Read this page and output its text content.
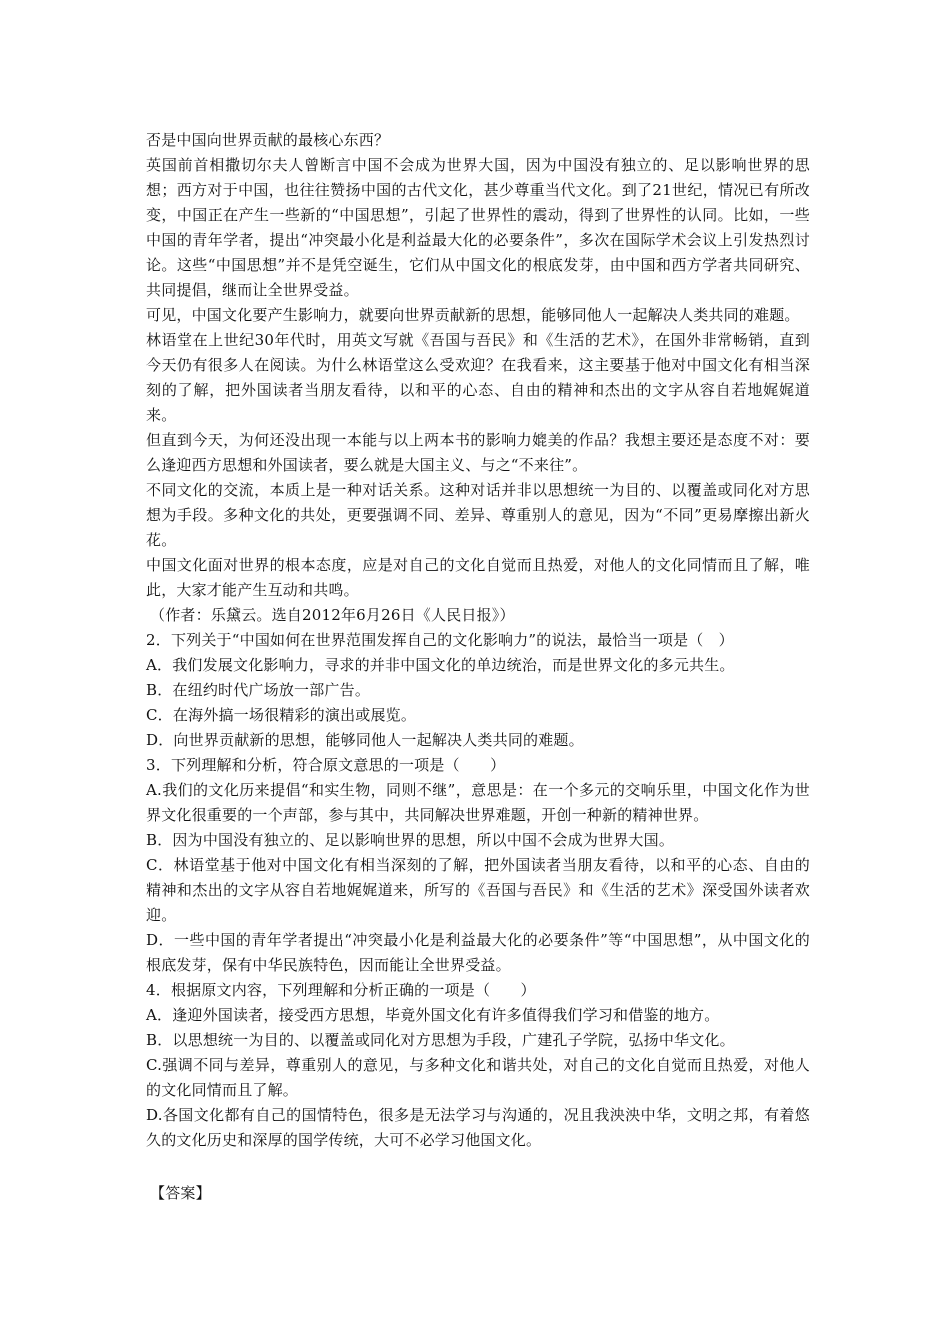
否是中国向世界贡献的最核心东西？

英国前首相撒切尔夫人曾断言中国不会成为世界大国，因为中国没有独立的、足以影响世界的思想；西方对于中国，也往往赞扬中国的古代文化，甚少尊重当代文化。到了21世纪，情况已有所改变，中国正在产生一些新的“中国思想”，引起了世界性的震动，得到了世界性的认同。比如，一些中国的青年学者，提出“冲突最小化是利益最大化的必要条件”，多次在国际学术会议上引发热烈讨论。这些“中国思想”并不是凭空诞生，它们从中国文化的根底发芽，由中国和西方学者共同研究、共同提倡，继而让全世界受益。

可见，中国文化要产生影响力，就要向世界贡献新的思想，能够同他人一起解决人类共同的难题。

林语堂在上世纪30年代时，用英文写就《吾国与吾民》和《生活的艺术》，在国外非常畅销，直到今天仍有很多人在阅读。为什么林语堂这么受欢迎？在我看来，这主要基于他对中国文化有相当深刻的了解，把外国读者当朋友看待，以和平的心态、自由的精神和杰出的文字从容自若地娓娓道来。

但直到今天，为何还没出现一本能与以上两本书的影响力媲美的作品？我想主要还是态度不对：要么逢迎西方思想和外国读者，要么就是大国主义、与之“不来往”。

不同文化的交流，本质上是一种对话关系。这种对话并非以思想统一为目的、以覆盖或同化对方思想为手段。多种文化的共处，更要强调不同、差异、尊重别人的意见，因为“不同”更易摩擦出新火花。

中国文化面对世界的根本态度，应是对自己的文化自觉而且热爱，对他人的文化同情而且了解，唯此，大家才能产生互动和共鸣。

（作者：乐黛云。选自2012年6月26日《人民日报》）

2．下列关于“中国如何在世界范围发挥自己的文化影响力”的说法，最恰当一项是（　）

A．我们发展文化影响力，寻求的并非中国文化的单边统治，而是世界文化的多元共生。

B．在纽约时代广场放一部广告。

C．在海外搞一场很精彩的演出或展览。

D．向世界贡献新的思想，能够同他人一起解决人类共同的难题。

3．下列理解和分析，符合原文意思的一项是（　　）

A.我们的文化历来提倡“和实生物，同则不继”，意思是：在一个多元的交响乐里，中国文化作为世界文化很重要的一个声部，参与其中，共同解决世界难题，开创一种新的精神世界。

B．因为中国没有独立的、足以影响世界的思想，所以中国不会成为世界大国。

C．林语堂基于他对中国文化有相当深刻的了解，把外国读者当朋友看待，以和平的心态、自由的精神和杰出的文字从容自若地娓娓道来，所写的《吾国与吾民》和《生活的艺术》深受国外读者欢迎。

D．一些中国的青年学者提出“冲突最小化是利益最大化的必要条件”等“中国思想”，从中国文化的根底发芽，保有中华民族特色，因而能让全世界受益。

4．根据原文内容，下列理解和分析正确的一项是（　　）

A．逢迎外国读者，接受西方思想，毕竟外国文化有许多值得我们学习和借鉴的地方。

B．以思想统一为目的、以覆盖或同化对方思想为手段，广建孔子学院，弘扬中华文化。

C.强调不同与差异，尊重别人的意见，与多种文化和谐共处，对自己的文化自觉而且热爱，对他人的文化同情而且了解。

D.各国文化都有自己的国情特色，很多是无法学习与沟通的，况且我泱泱中华，文明之邦，有着悠久的文化历史和深厚的国学传统，大可不必学习他国文化。

【答案】
